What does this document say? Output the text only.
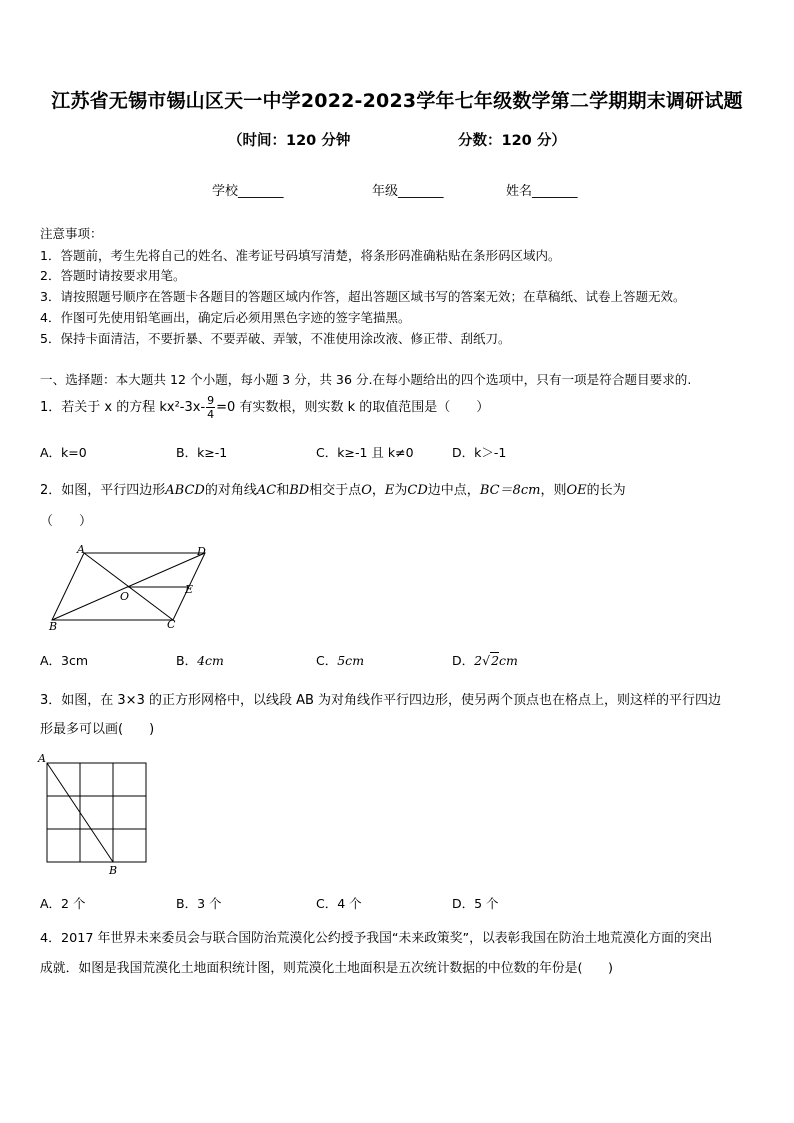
江苏省无锡市锡山区天一中学2022-2023学年七年级数学第二学期期末调研试题
（时间：120 分钟	分数：120 分）
学校_______	年级_______	姓名_______
注意事项：
1．答题前，考生先将自己的姓名、准考证号码填写清楚，将条形码准确粘贴在条形码区域内。
2．答题时请按要求用笔。
3．请按照题号顺序在答题卡各题目的答题区域内作答，超出答题区域书写的答案无效；在草稿纸、试卷上答题无效。
4．作图可先使用铅笔画出，确定后必须用黑色字迹的签字笔描黑。
5．保持卡面清洁，不要折暴、不要弄破、弄皱，不准使用涂改液、修正带、刮纸刀。
一、选择题：本大题共 12 个小题，每小题 3 分，共 36 分.在每小题给出的四个选项中，只有一项是符合题目要求的.
1．若关于 x 的方程 $kx^2-3x- \frac{9}{4} =0$ 有实数根，则实数 k 的取值范围是（　　）
A．k=0	B．k≥-1	C．k≥-1 且 k≠0	D．k＞-1
2．如图，平行四边形ABCD的对角线AC和BD相交于点O，E为CD边中点，BC＝8cm，则OE的长为
（　　）
A	D
E
O
B	C
A．3cm	B．4cm	C．5cm	D．2√2cm
3．如图，在 3×3 的正方形网格中，以线段 AB 为对角线作平行四边形，使另两个顶点也在格点上，则这样的平行四边
形最多可以画(　　)
A
B
A．2 个	B．3 个	C．4 个	D．5 个
4．2017 年世界未来委员会与联合国防治荒漠化公约授予我国“未来政策奖”，以表彰我国在防治土地荒漠化方面的突出
成就．如图是我国荒漠化土地面积统计图，则荒漠化土地面积是五次统计数据的中位数的年份是(　　)
